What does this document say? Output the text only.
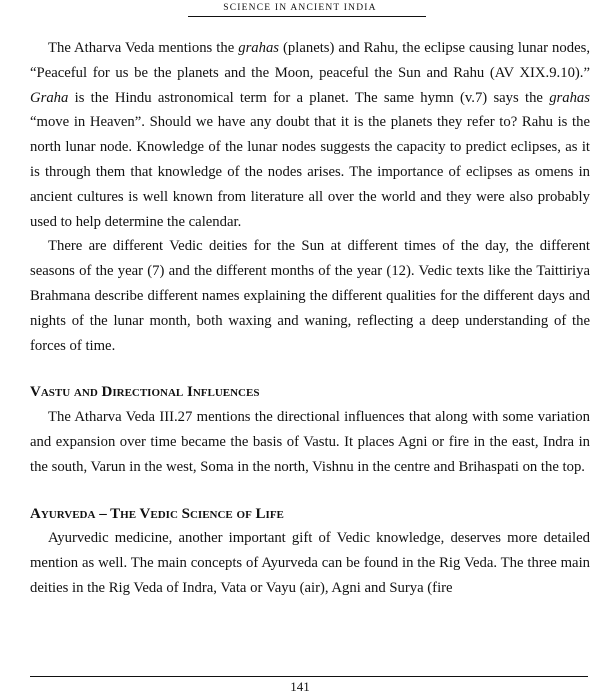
SCIENCE IN ANCIENT INDIA

The Atharva Veda mentions the grahas (planets) and Rahu, the eclipse causing lunar nodes, “Peaceful for us be the planets and the Moon, peaceful the Sun and Rahu (AV XIX.9.10).” Graha is the Hindu astronomical term for a planet. The same hymn (v.7) says the grahas “move in Heaven”. Should we have any doubt that it is the planets they refer to? Rahu is the north lunar node. Knowledge of the lunar nodes suggests the capacity to predict eclipses, as it is through them that knowledge of the nodes arises. The importance of eclipses as omens in ancient cultures is well known from literature all over the world and they were also probably used to help determine the calendar.

There are different Vedic deities for the Sun at different times of the day, the different seasons of the year (7) and the different months of the year (12). Vedic texts like the Taittiriya Brahmana describe different names explaining the different qualities for the different days and nights of the lunar month, both waxing and waning, reflecting a deep understanding of the forces of time.

Vastu and Directional Influences

The Atharva Veda III.27 mentions the directional influences that along with some variation and expansion over time became the basis of Vastu. It places Agni or fire in the east, Indra in the south, Varun in the west, Soma in the north, Vishnu in the centre and Brihaspati on the top.

Ayurveda – The Vedic Science of Life

Ayurvedic medicine, another important gift of Vedic knowledge, deserves more detailed mention as well. The main concepts of Ayurveda can be found in the Rig Veda. The three main deities in the Rig Veda of Indra, Vata or Vayu (air), Agni and Surya (fire

141
